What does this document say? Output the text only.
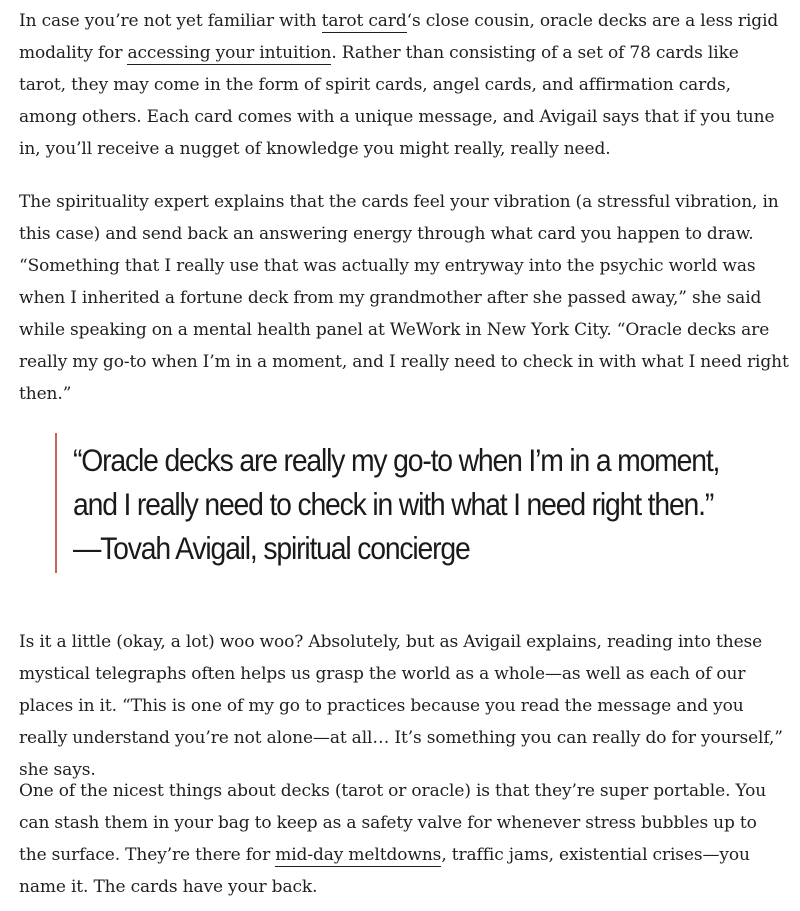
In case you’re not yet familiar with tarot card‘s close cousin, oracle decks are a less rigid modality for accessing your intuition. Rather than consisting of a set of 78 cards like tarot, they may come in the form of spirit cards, angel cards, and affirmation cards, among others. Each card comes with a unique message, and Avigail says that if you tune in, you’ll receive a nugget of knowledge you might really, really need.

The spirituality expert explains that the cards feel your vibration (a stressful vibration, in this case) and send back an answering energy through what card you happen to draw. “Something that I really use that was actually my entryway into the psychic world was when I inherited a fortune deck from my grandmother after she passed away,” she said while speaking on a mental health panel at WeWork in New York City. “Oracle decks are really my go-to when I’m in a moment, and I really need to check in with what I need right then.”

“Oracle decks are really my go-to when I’m in a moment,
and I really need to check in with what I need right then.”
—Tovah Avigail, spiritual concierge

Is it a little (okay, a lot) woo woo? Absolutely, but as Avigail explains, reading into these mystical telegraphs often helps us grasp the world as a whole—as well as each of our places in it. “This is one of my go to practices because you read the message and you really understand you’re not alone—at all… It’s something you can really do for yourself,” she says.

One of the nicest things about decks (tarot or oracle) is that they’re super portable. You can stash them in your bag to keep as a safety valve for whenever stress bubbles up to the surface. They’re there for mid-day meltdowns, traffic jams, existential crises—you name it. The cards have your back.
